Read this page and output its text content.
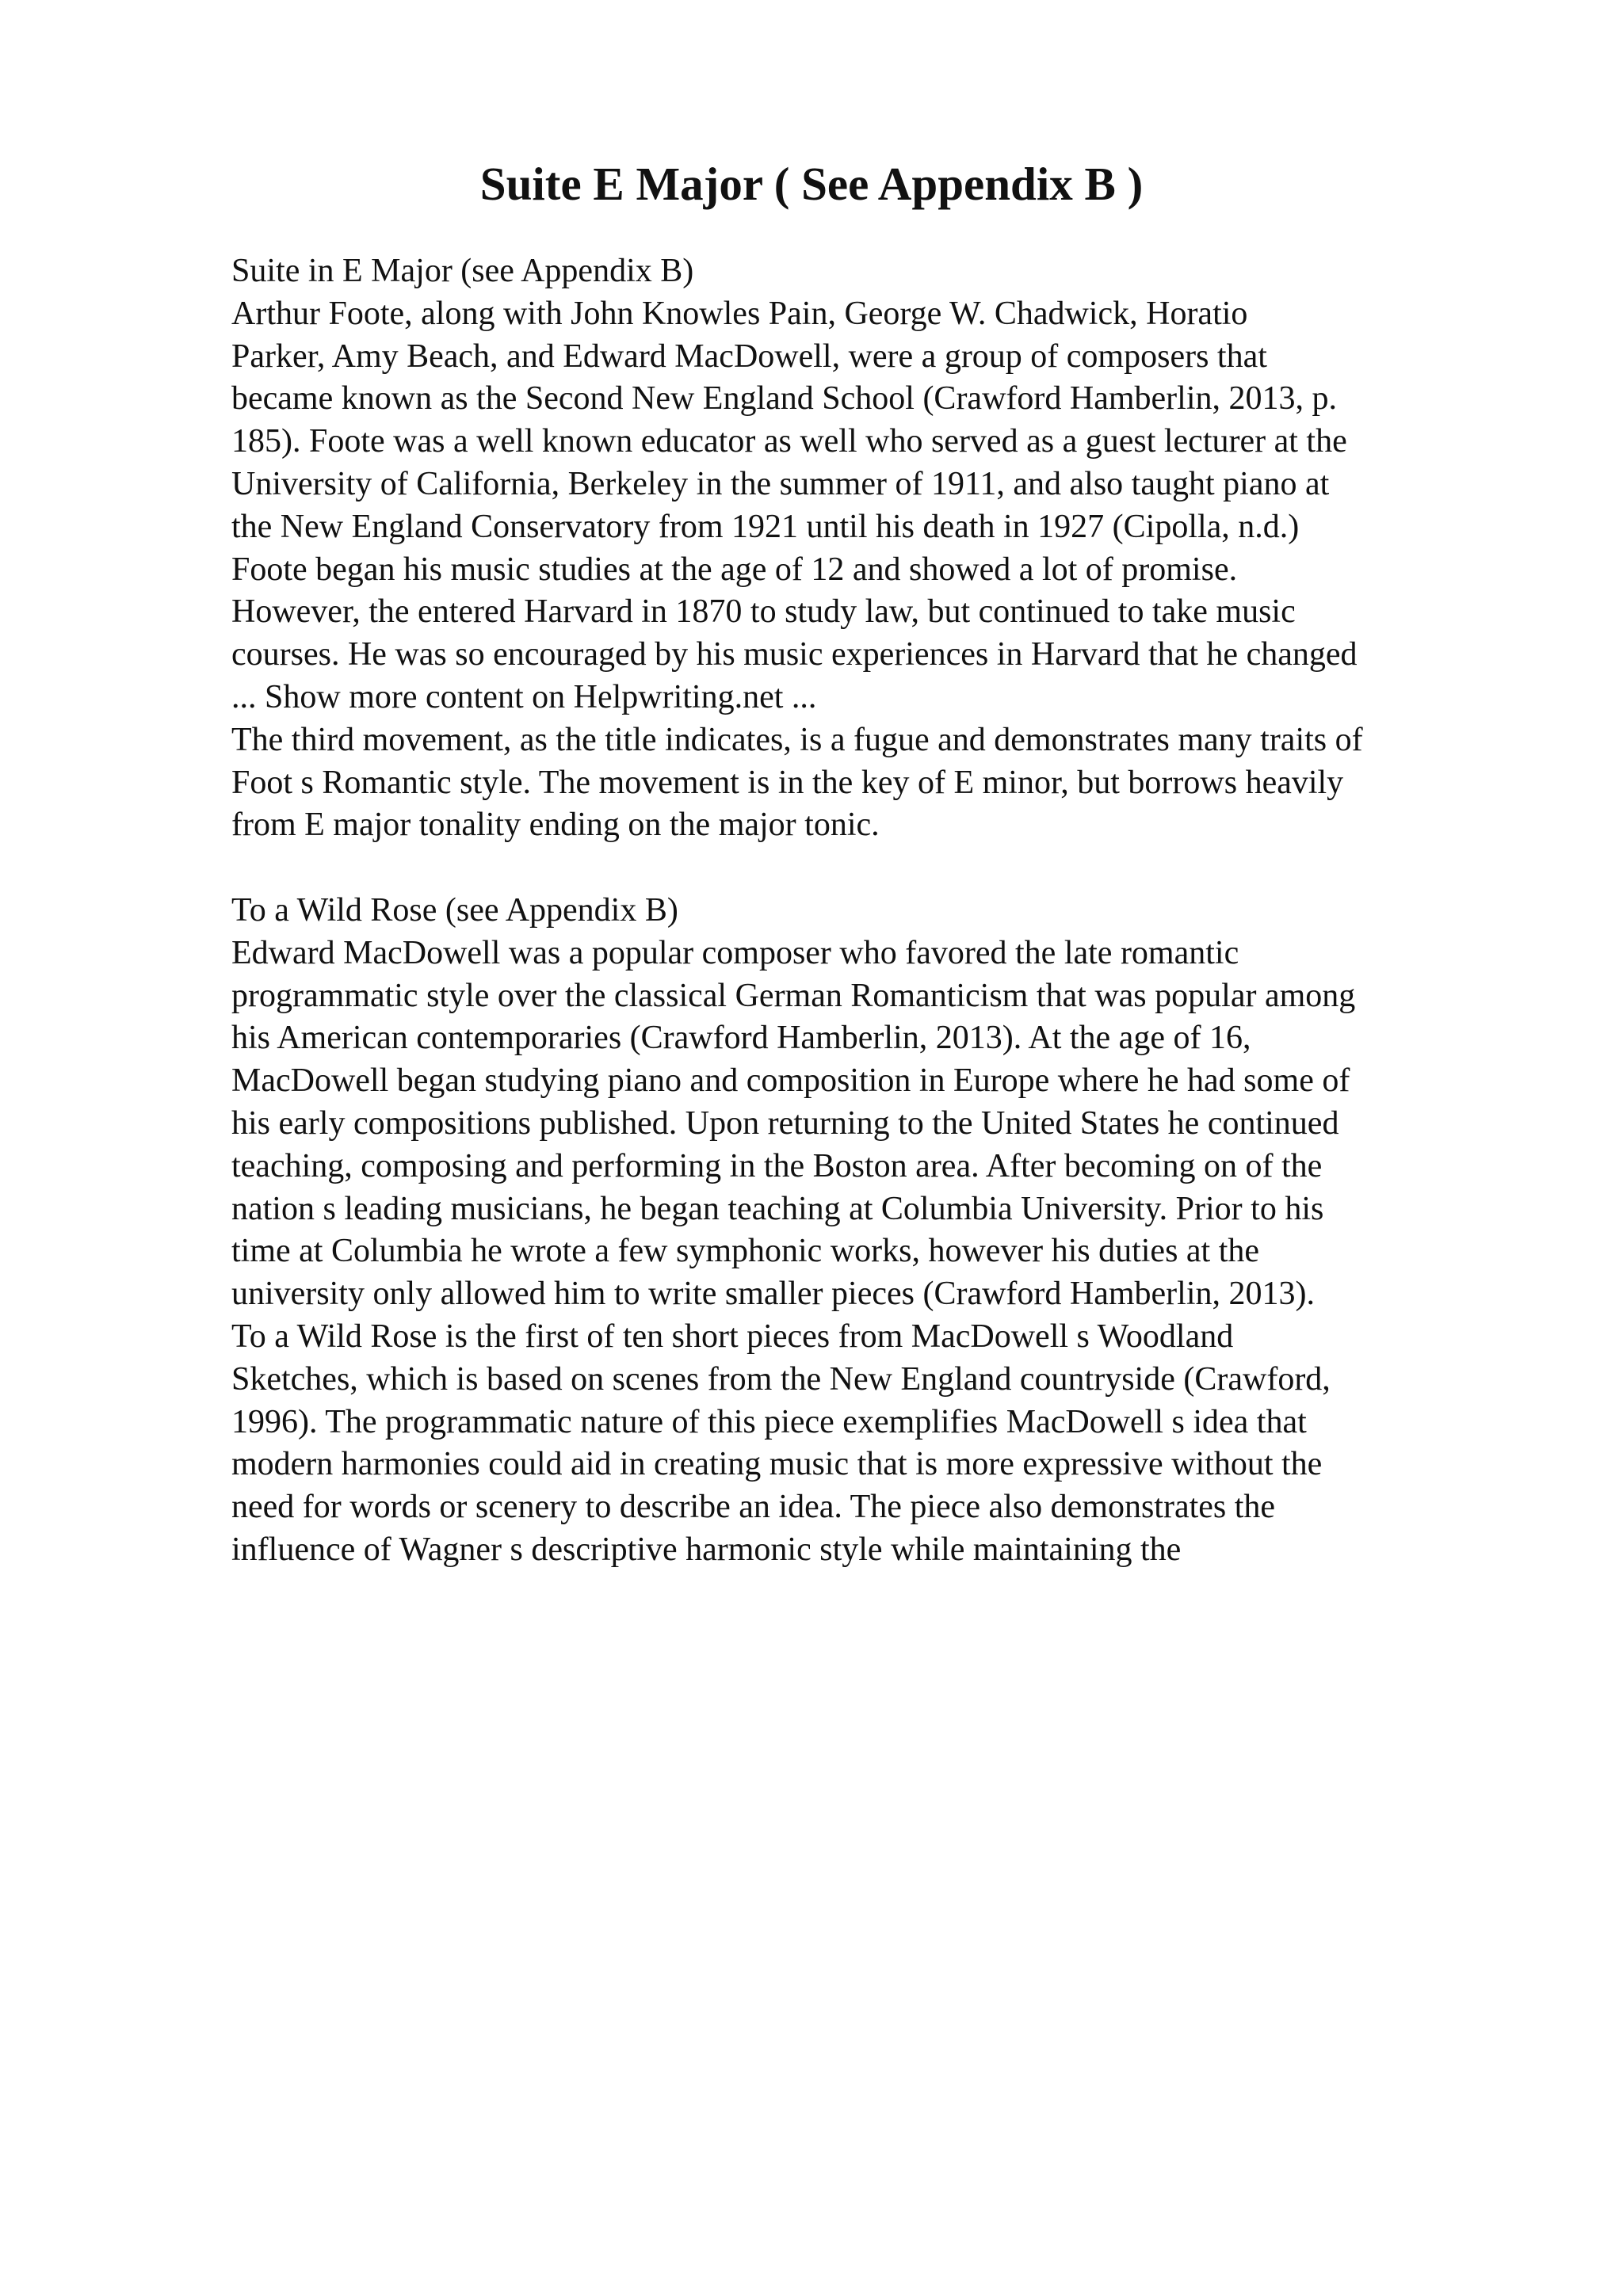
Suite E Major ( See Appendix B )
Suite in E Major (see Appendix B)
Arthur Foote, along with John Knowles Pain, George W. Chadwick, Horatio
Parker, Amy Beach, and Edward MacDowell, were a group of composers that
became known as the Second New England School (Crawford Hamberlin, 2013, p.
185). Foote was a well known educator as well who served as a guest lecturer at the
University of California, Berkeley in the summer of 1911, and also taught piano at
the New England Conservatory from 1921 until his death in 1927 (Cipolla, n.d.)
Foote began his music studies at the age of 12 and showed a lot of promise.
However, the entered Harvard in 1870 to study law, but continued to take music
courses. He was so encouraged by his music experiences in Harvard that he changed
... Show more content on Helpwriting.net ...
The third movement, as the title indicates, is a fugue and demonstrates many traits of
Foot s Romantic style. The movement is in the key of E minor, but borrows heavily
from E major tonality ending on the major tonic.
To a Wild Rose (see Appendix B)
Edward MacDowell was a popular composer who favored the late romantic
programmatic style over the classical German Romanticism that was popular among
his American contemporaries (Crawford Hamberlin, 2013). At the age of 16,
MacDowell began studying piano and composition in Europe where he had some of
his early compositions published. Upon returning to the United States he continued
teaching, composing and performing in the Boston area. After becoming on of the
nation s leading musicians, he began teaching at Columbia University. Prior to his
time at Columbia he wrote a few symphonic works, however his duties at the
university only allowed him to write smaller pieces (Crawford Hamberlin, 2013).
To a Wild Rose is the first of ten short pieces from MacDowell s Woodland
Sketches, which is based on scenes from the New England countryside (Crawford,
1996). The programmatic nature of this piece exemplifies MacDowell s idea that
modern harmonies could aid in creating music that is more expressive without the
need for words or scenery to describe an idea. The piece also demonstrates the
influence of Wagner s descriptive harmonic style while maintaining the
